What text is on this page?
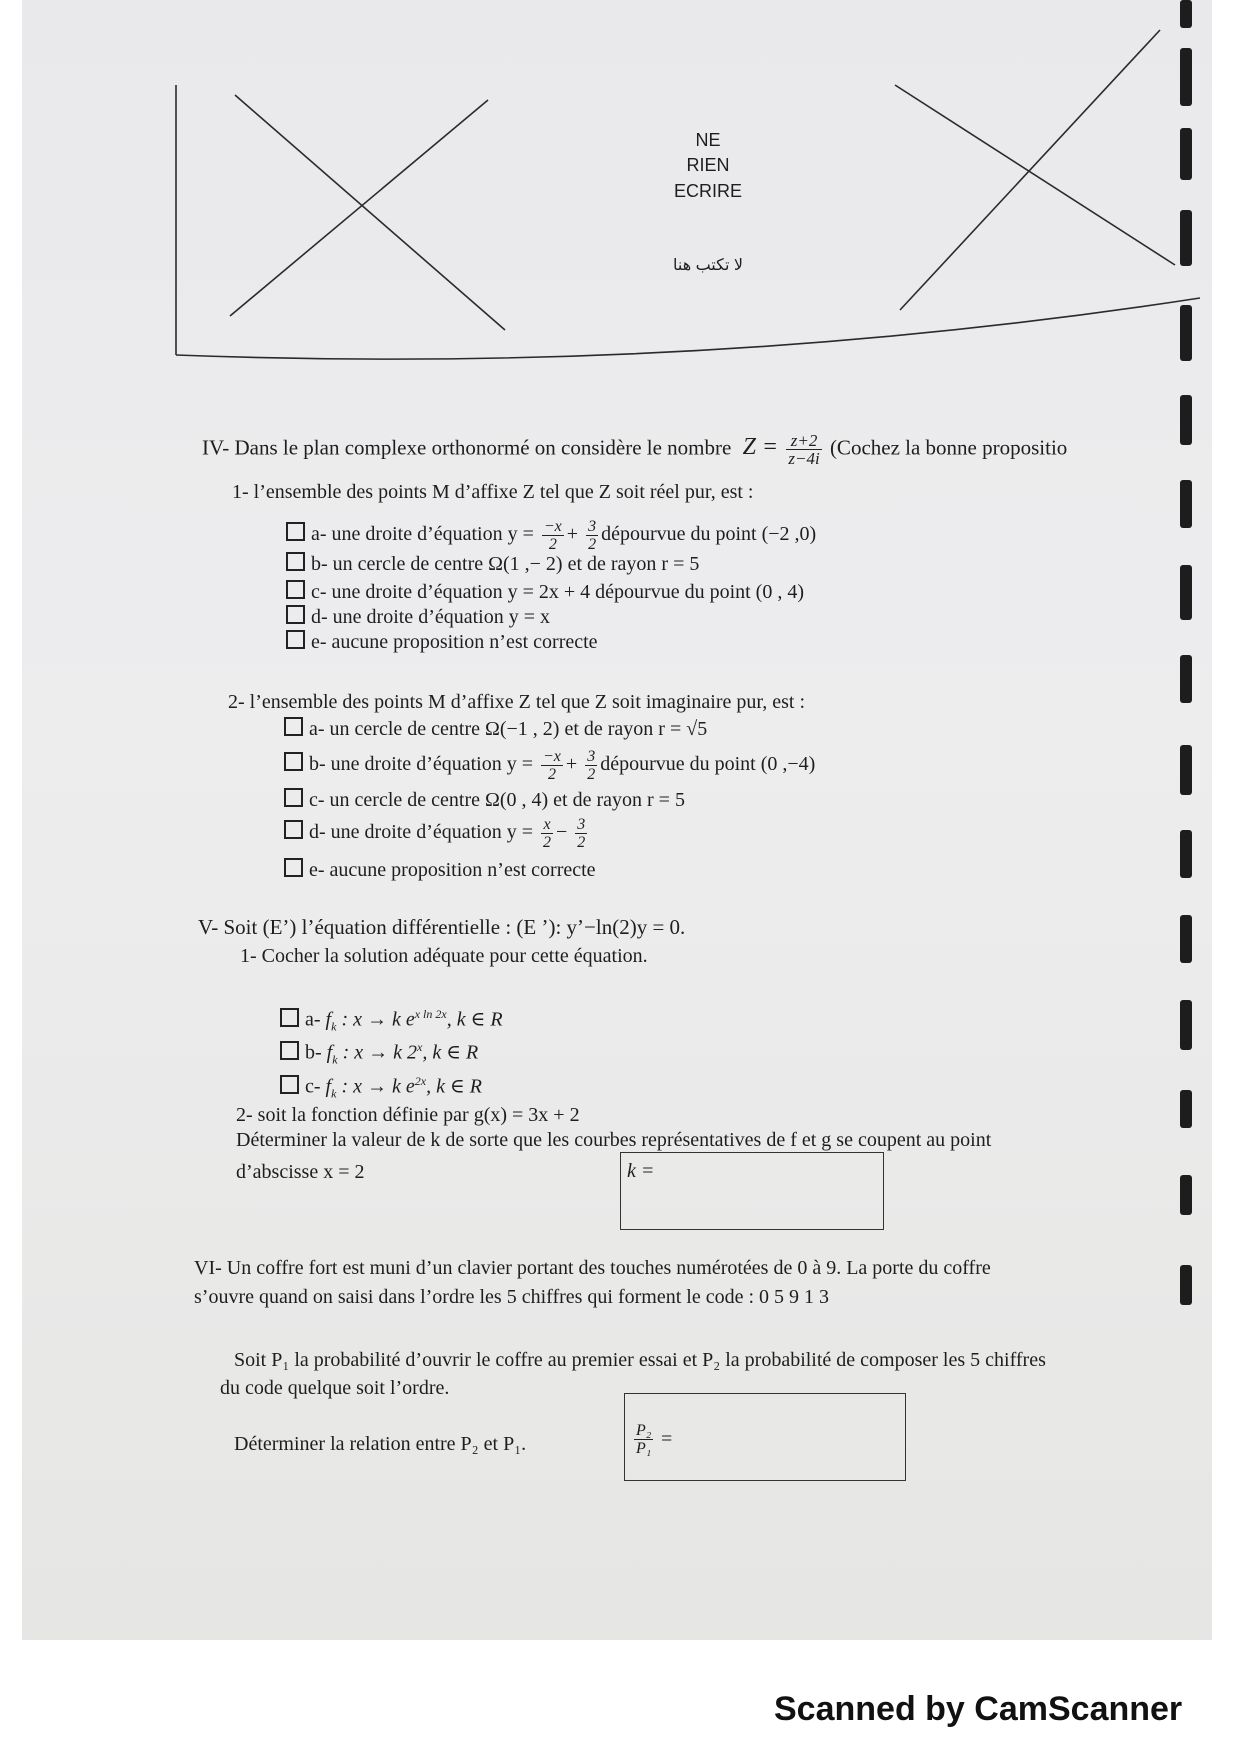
NE
RIEN
ECRIRE
لا تكتب هنا
IV- Dans le plan complexe orthonormé on considère le nombre $Z = \frac{z+2}{z-4i}$ (Cochez la bonne propositio
1- l’ensemble des points M d’affixe Z tel que Z soit réel pur, est :
a- une droite d’équation $y = \frac{-x}{2} + \frac{3}{2}$ dépourvue du point (−2 ,0)
b- un cercle de centre Ω(1 ,− 2) et de rayon r = 5
c- une droite d’équation y = 2x + 4 dépourvue du point (0 , 4)
d- une droite d’équation y = x
e- aucune proposition n’est correcte
2- l’ensemble des points M d’affixe Z tel que Z soit imaginaire pur, est :
a- un cercle de centre Ω(−1 , 2) et de rayon r = √5
b- une droite d’équation $y = \frac{-x}{2} + \frac{3}{2}$ dépourvue du point (0 ,−4)
c- un cercle de centre Ω(0 , 4) et de rayon r = 5
d- une droite d’équation $y = \frac{x}{2} - \frac{3}{2}$
e- aucune proposition n’est correcte
V- Soit (E’) l’équation différentielle : (E ’): y’−ln(2)y = 0.
1- Cocher la solution adéquate pour cette équation.
a- $f_k$ : x → k $e^{x ln 2x}$, k ∈ R
b- $f_k$ : x → k 2$^x$, k ∈ R
c- $f_k$ : x → k $e^{2x}$, k ∈ R
2- soit la fonction définie par g(x) = 3x + 2
Déterminer la valeur de k de sorte que les courbes représentatives de f et g se coupent au point
d’abscisse x = 2	k =
VI- Un coffre fort est muni d’un clavier portant des touches numérotées de 0 à 9. La porte du coffre
s’ouvre quand on saisi dans l’ordre les 5 chiffres qui forment le code : 0 5 9 1 3
Soit P₁ la probabilité d’ouvrir le coffre au premier essai et P₂ la probabilité de composer les 5 chiffres
du code quelque soit l’ordre.
Déterminer la relation entre P₂ et P₁.	$\frac{\text{P₂}}{\text{P₁}}$ =
Scanned by CamScanner
